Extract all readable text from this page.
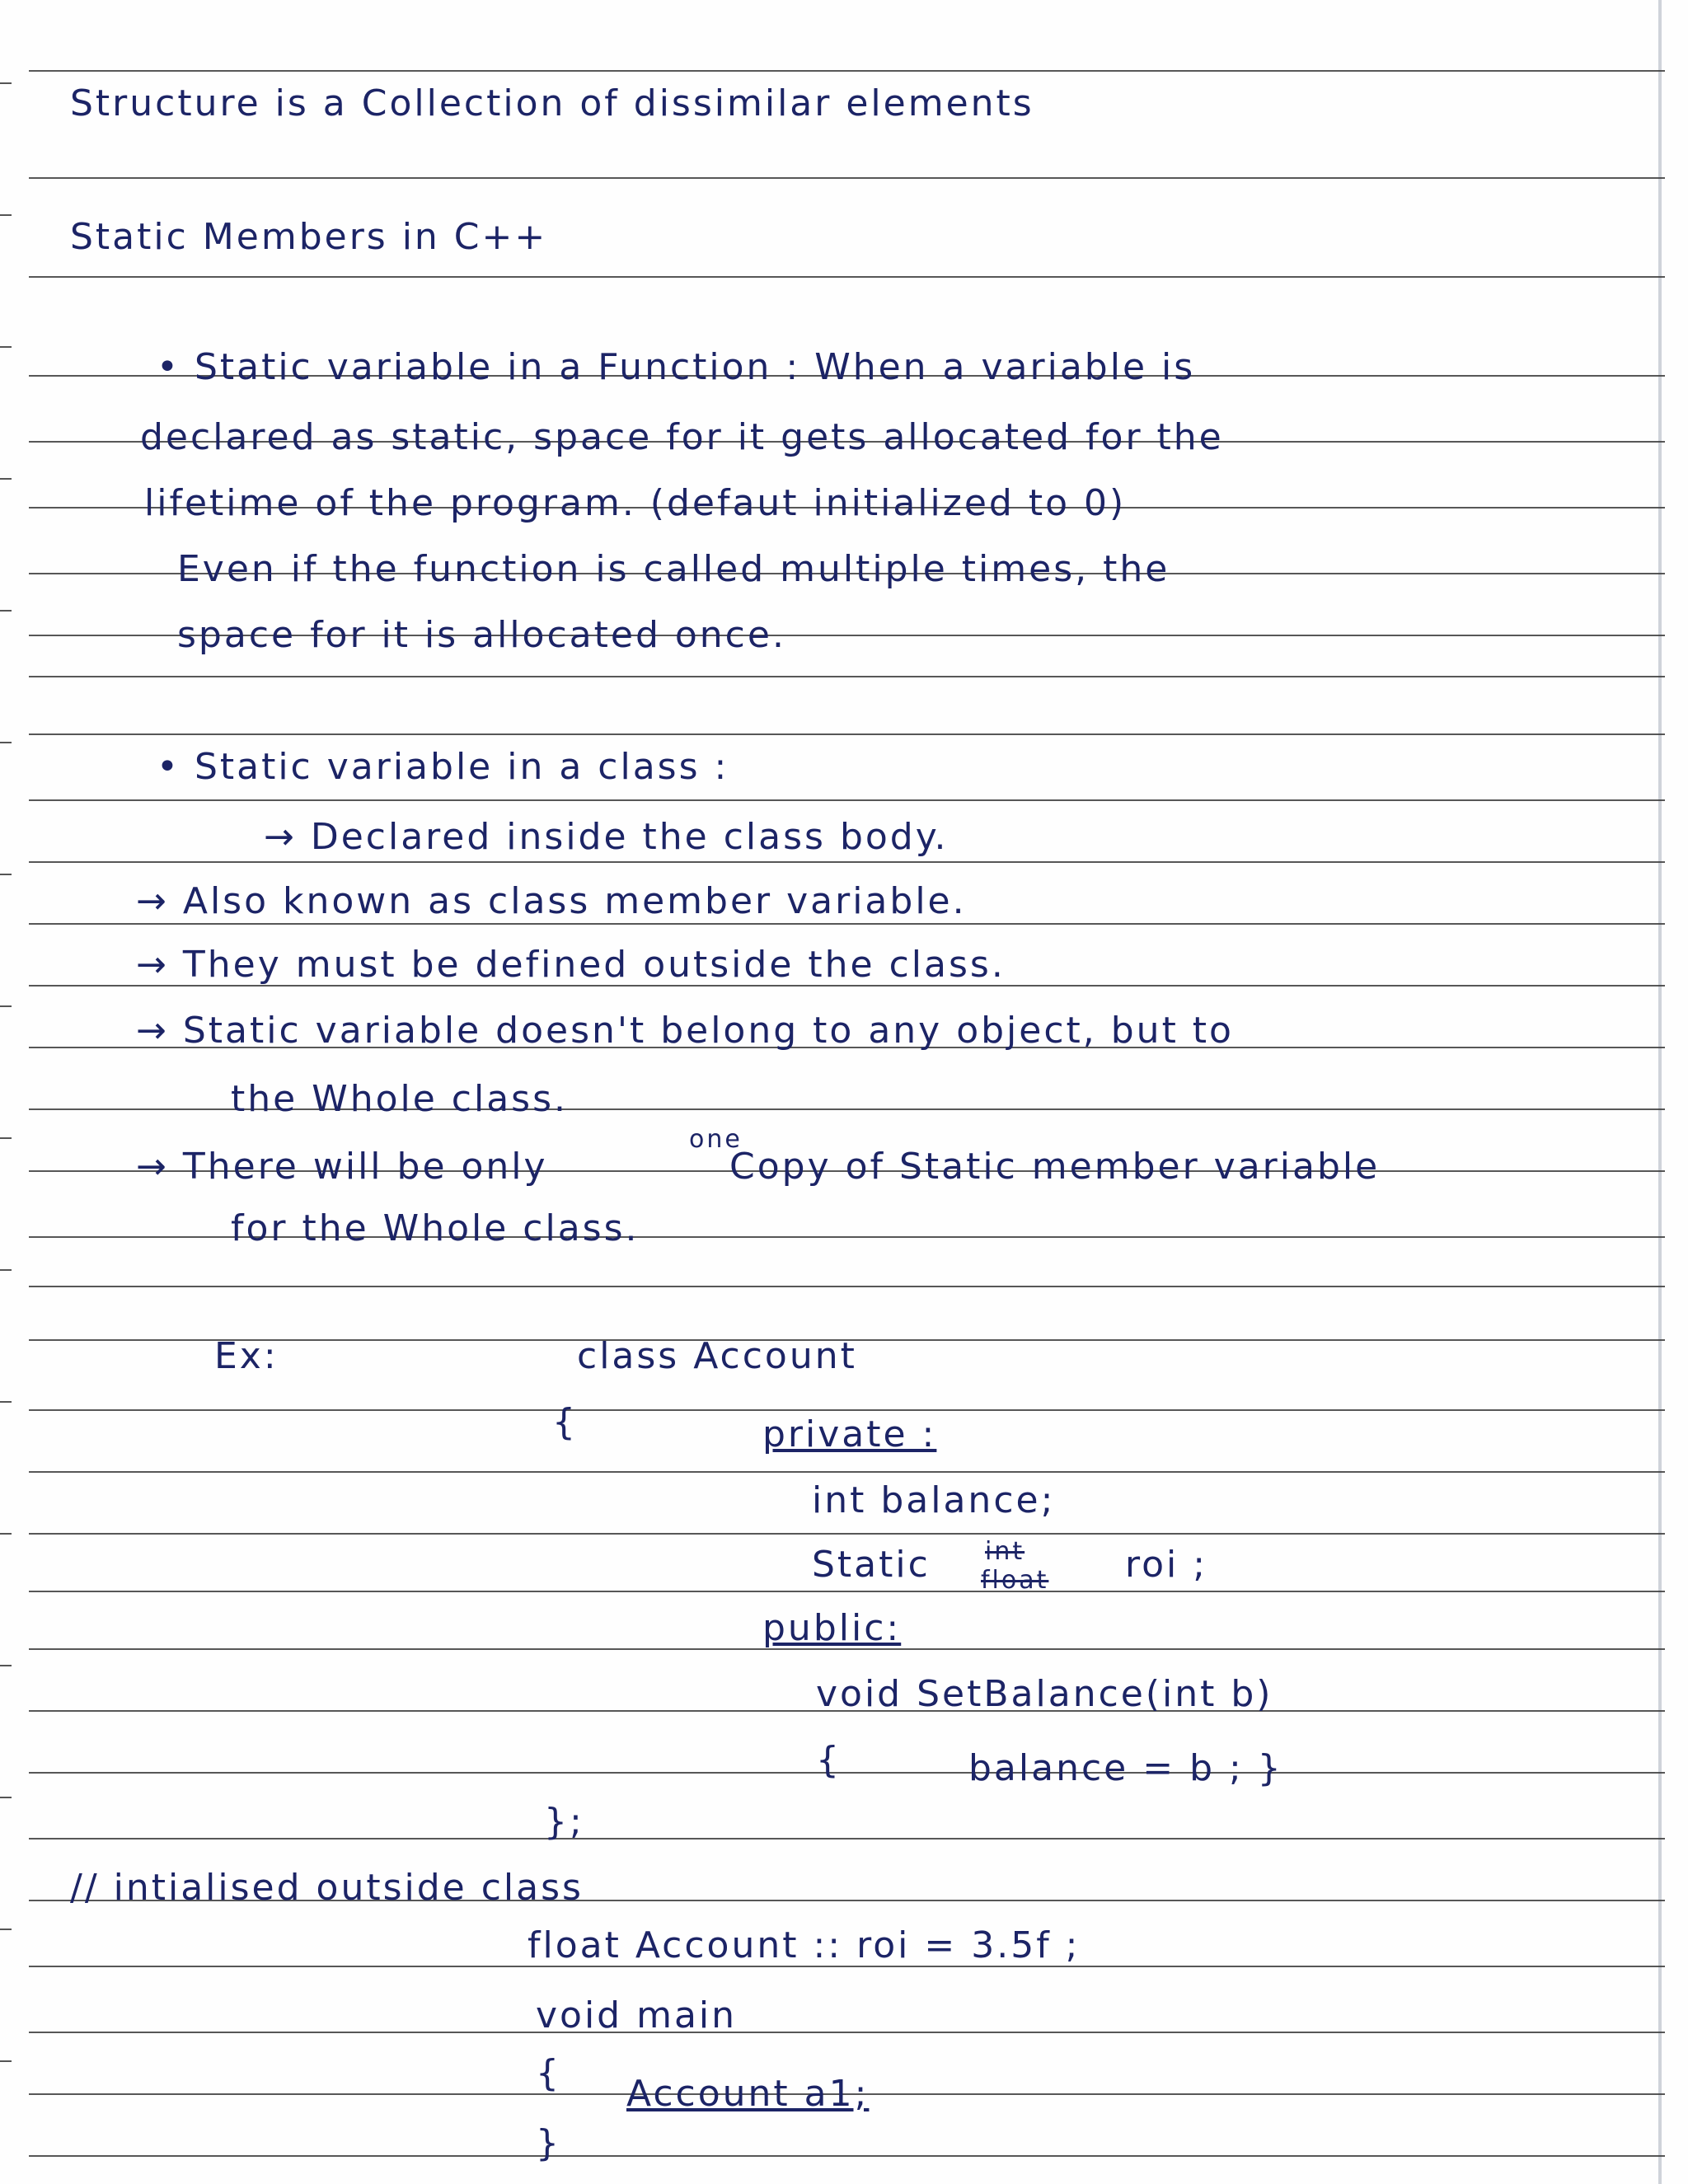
Structure is a Collection of dissimilar elements
Static Members in C++
• Static variable in a Function : When a variable is
declared as static, space for it gets allocated for the
lifetime of the program. (defaut initialized to 0)
Even if the function is called multiple times, the
space for it is allocated once.
• Static variable in a class :
→ Declared inside the class body.
→ Also known as class member variable.
→ They must be defined outside the class.
→ Static variable doesn't belong to any object, but to
the Whole class.
→ There will be only
one
Copy of Static member variable
for the Whole class.
Ex:	class Account
{	private :
int balance;
Static int
float roi ;
public:
void SetBalance(int b)
{	balance = b ; }
};
// intialised outside class
float Account :: roi = 3.5f ;
void main
{ Account a1;
}
